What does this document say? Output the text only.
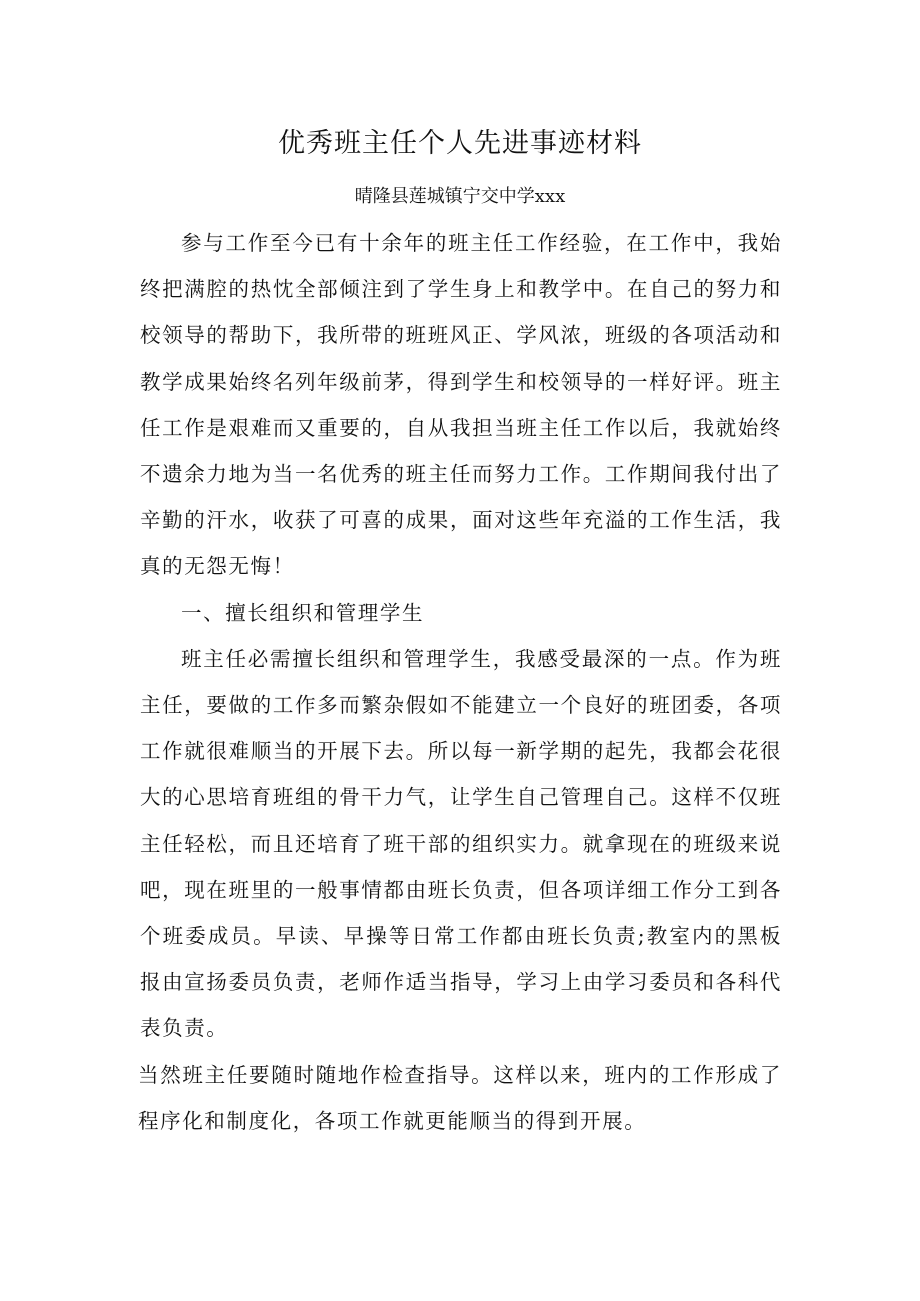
优秀班主任个人先进事迹材料
晴隆县莲城镇宁交中学xxx

参与工作至今已有十余年的班主任工作经验，在工作中，我始终把满腔的热忱全部倾注到了学生身上和教学中。在自己的努力和校领导的帮助下，我所带的班班风正、学风浓，班级的各项活动和教学成果始终名列年级前茅，得到学生和校领导的一样好评。班主任工作是艰难而又重要的，自从我担当班主任工作以后，我就始终不遗余力地为当一名优秀的班主任而努力工作。工作期间我付出了辛勤的汗水，收获了可喜的成果，面对这些年充溢的工作生活，我真的无怨无悔！

一、擅长组织和管理学生

班主任必需擅长组织和管理学生，我感受最深的一点。作为班主任，要做的工作多而繁杂假如不能建立一个良好的班团委，各项工作就很难顺当的开展下去。所以每一新学期的起先，我都会花很大的心思培育班组的骨干力气，让学生自己管理自己。这样不仅班主任轻松，而且还培育了班干部的组织实力。就拿现在的班级来说吧，现在班里的一般事情都由班长负责，但各项详细工作分工到各个班委成员。早读、早操等日常工作都由班长负责;教室内的黑板报由宣扬委员负责，老师作适当指导，学习上由学习委员和各科代表负责。

当然班主任要随时随地作检查指导。这样以来，班内的工作形成了程序化和制度化，各项工作就更能顺当的得到开展。
